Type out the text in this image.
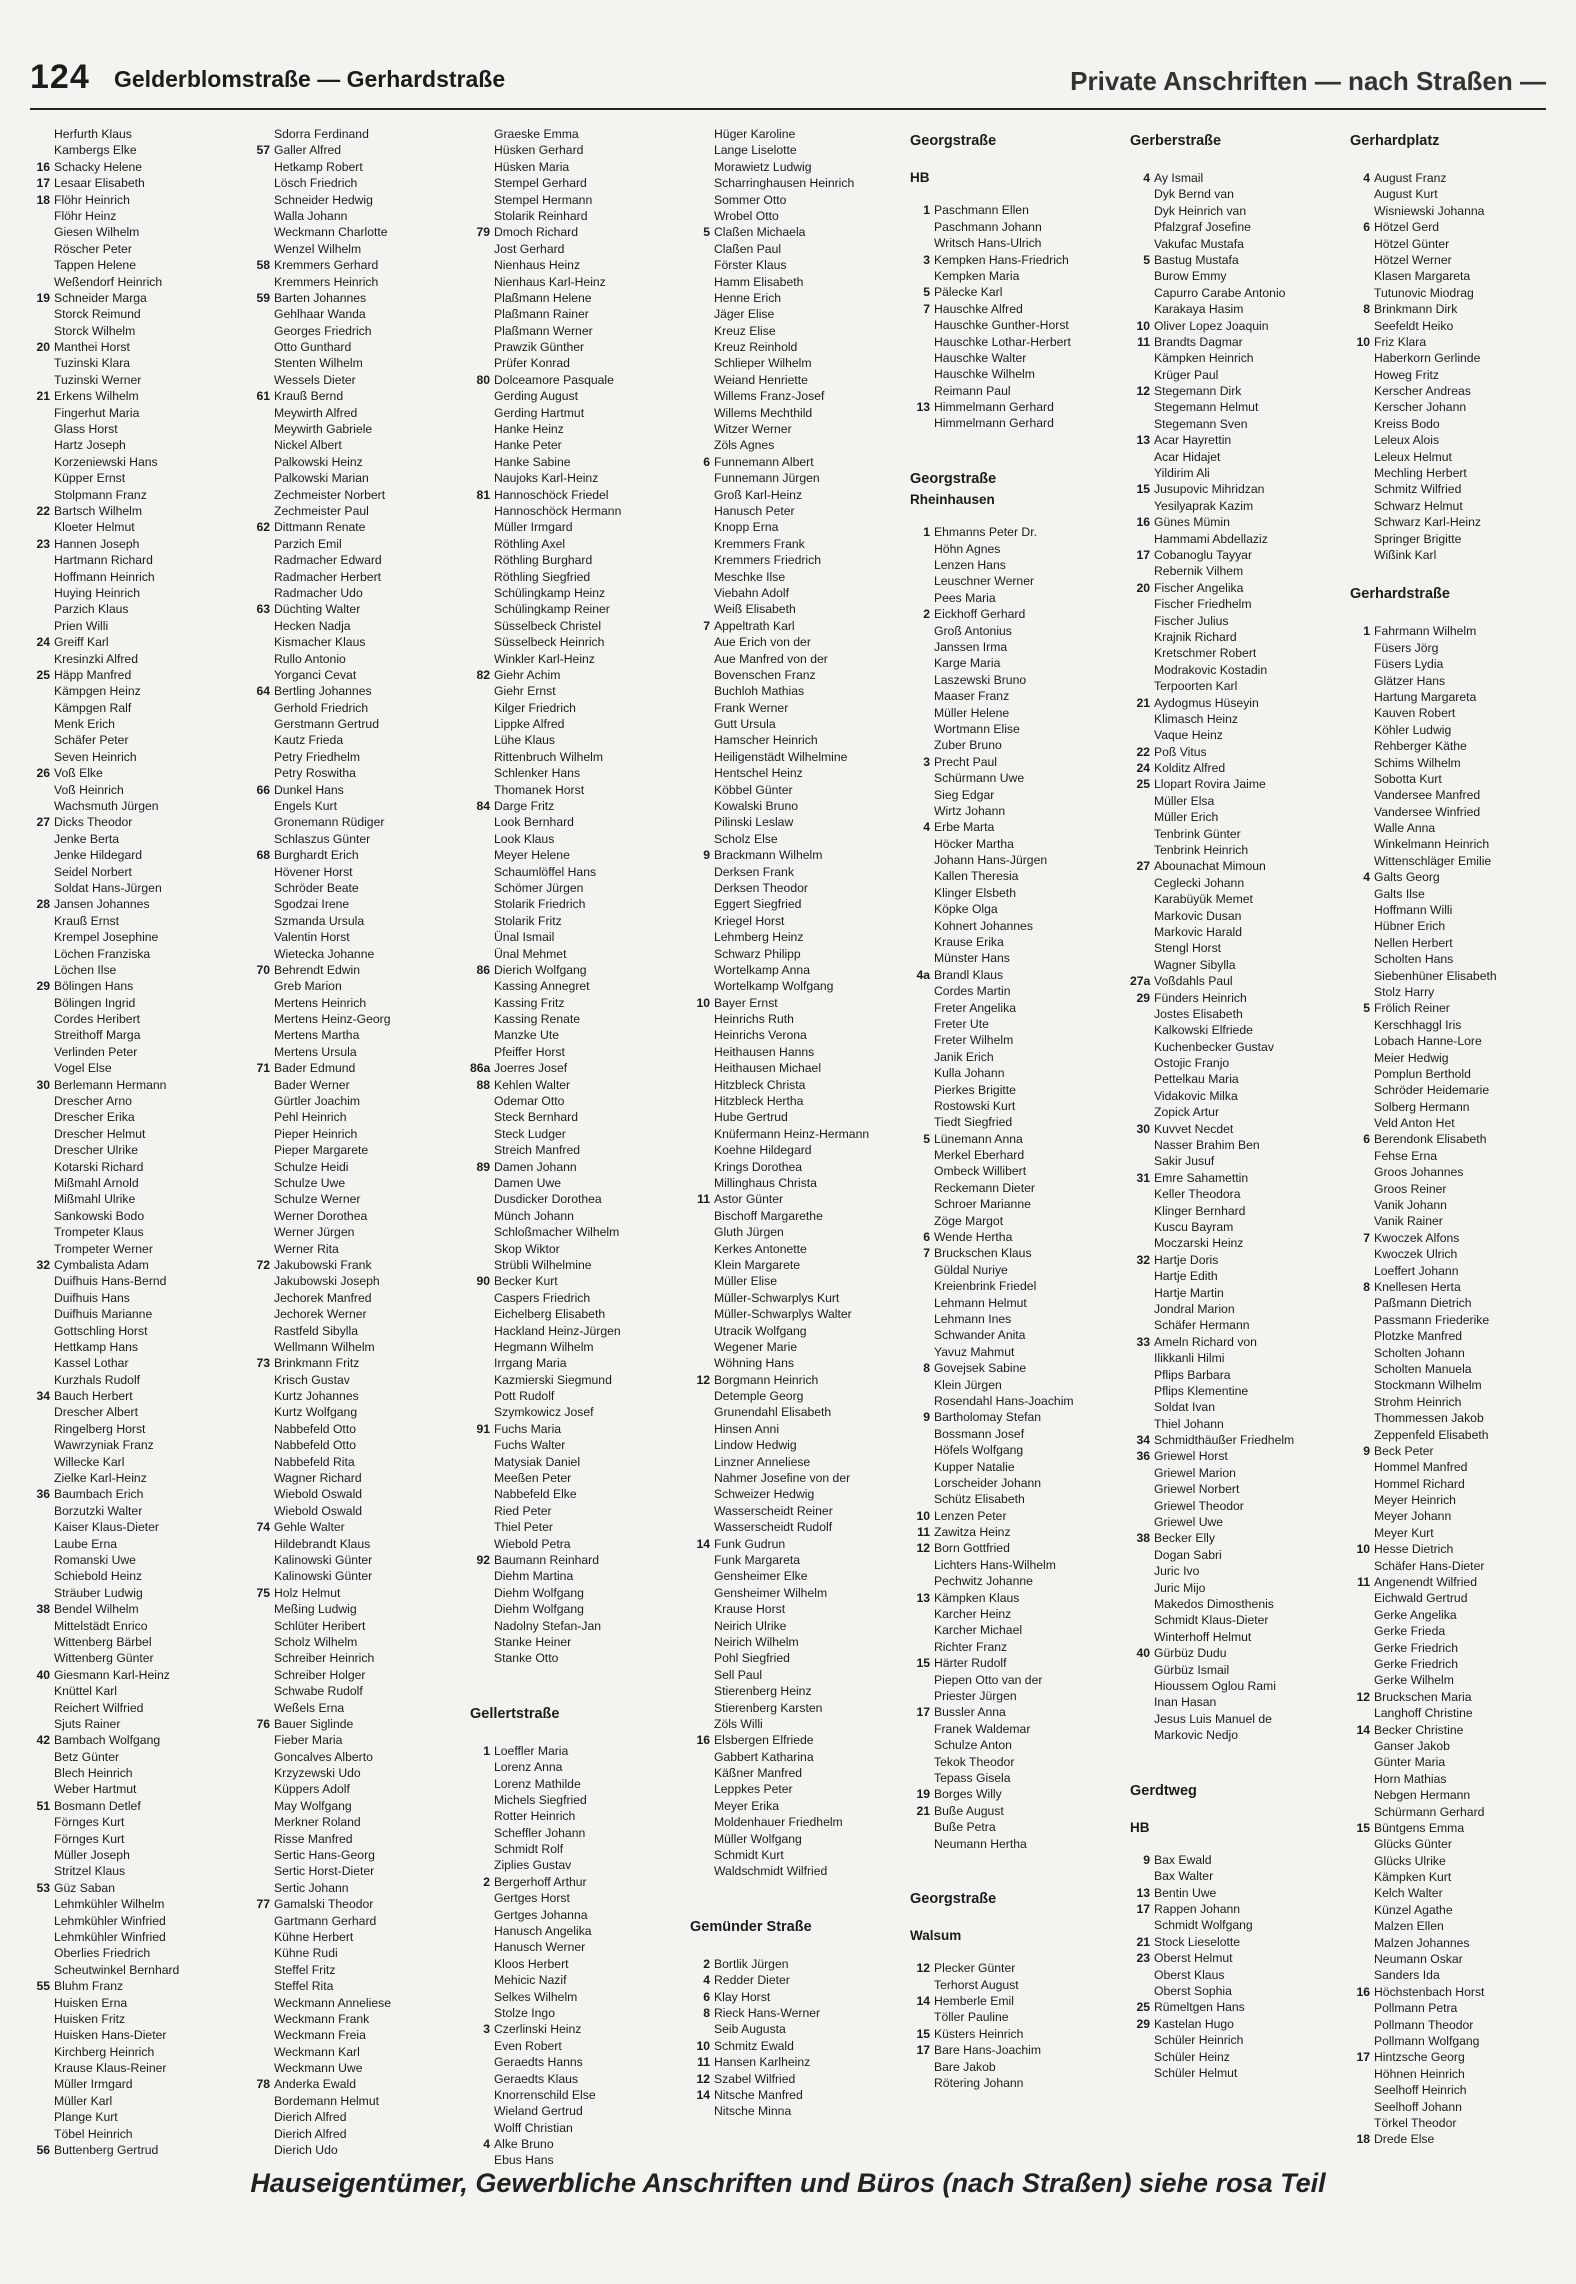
124 Gelderblomstraße — Gerhardstraße	Private Anschriften — nach Straßen —
Herfurth Klaus
Kambergs Elke
16 Schacky Helene
17 Lesaar Elisabeth
18 Flöhr Heinrich
Flöhr Heinz
Giesen Wilhelm
Röscher Peter
Tappen Helene
Weßendorf Heinrich
19 Schneider Marga
Storck Reimund
Storck Wilhelm
20 Manthei Horst
Tuzinski Klara
Tuzinski Werner
21 Erkens Wilhelm
Fingerhut Maria
Glass Horst
Hartz Joseph
Korzeniewski Hans
Küpper Ernst
Stolpmann Franz
22 Bartsch Wilhelm
Kloeter Helmut
23 Hannen Joseph
Hartmann Richard
Hoffmann Heinrich
Huying Heinrich
Parzich Klaus
Prien Willi
24 Greiff Karl
Kresinzki Alfred
25 Häpp Manfred
Kämpgen Heinz
Kämpgen Ralf
Menk Erich
Schäfer Peter
Seven Heinrich
26 Voß Elke
Voß Heinrich
Wachsmuth Jürgen
27 Dicks Theodor
Jenke Berta
Jenke Hildegard
Seidel Norbert
Soldat Hans-Jürgen
28 Jansen Johannes
Krauß Ernst
Krempel Josephine
Löchen Franziska
Löchen Ilse
29 Bölingen Hans
Bölingen Ingrid
Cordes Heribert
Streithoff Marga
Verlinden Peter
Vogel Else
30 Berlemann Hermann
Drescher Arno
Drescher Erika
Drescher Helmut
Drescher Ulrike
Kotarski Richard
Mißmahl Arnold
Mißmahl Ulrike
Sankowski Bodo
Trompeter Klaus
Trompeter Werner
32 Cymbalista Adam
Duifhuis Hans-Bernd
Duifhuis Hans
Duifhuis Marianne
Gottschling Horst
Hettkamp Hans
Kassel Lothar
Kurzhals Rudolf
34 Bauch Herbert
Drescher Albert
Ringelberg Horst
Wawrzyniak Franz
Willecke Karl
Zielke Karl-Heinz
36 Baumbach Erich
Borzutzki Walter
Kaiser Klaus-Dieter
Laube Erna
Romanski Uwe
Schiebold Heinz
Sträuber Ludwig
38 Bendel Wilhelm
Mittelstädt Enrico
Wittenberg Bärbel
Wittenberg Günter
40 Giesmann Karl-Heinz
Knüttel Karl
Reichert Wilfried
Sjuts Rainer
42 Bambach Wolfgang
Betz Günter
Blech Heinrich
Weber Hartmut
51 Bosmann Detlef
Förnges Kurt
Förnges Kurt
Müller Joseph
Stritzel Klaus
53 Güz Saban
Lehmkühler Wilhelm
Lehmkühler Winfried
Lehmkühler Winfried
Oberlies Friedrich
Scheutwinkel Bernhard
55 Bluhm Franz
Huisken Erna
Huisken Fritz
Huisken Hans-Dieter
Kirchberg Heinrich
Krause Klaus-Reiner
Müller Irmgard
Müller Karl
Plange Kurt
Töbel Heinrich
56 Buttenberg Gertrud
Sdorra Ferdinand
57 Galler Alfred
Hetkamp Robert
Lösch Friedrich
Schneider Hedwig
Walla Johann
Weckmann Charlotte
Wenzel Wilhelm
58 Kremmers Gerhard
Kremmers Heinrich
59 Barten Johannes
Gehlhaar Wanda
Georges Friedrich
Otto Gunthard
Stenten Wilhelm
Wessels Dieter
61 Krauß Bernd
Meywirth Alfred
Meywirth Gabriele
Nickel Albert
Palkowski Heinz
Palkowski Marian
Zechmeister Norbert
Zechmeister Paul
62 Dittmann Renate
Parzich Emil
Radmacher Edward
Radmacher Herbert
Radmacher Udo
63 Düchting Walter
Hecken Nadja
Kismacher Klaus
Rullo Antonio
Yorganci Cevat
64 Bertling Johannes
Gerhold Friedrich
Gerstmann Gertrud
Kautz Frieda
Petry Friedhelm
Petry Roswitha
66 Dunkel Hans
Engels Kurt
Gronemann Rüdiger
Schlaszus Günter
68 Burghardt Erich
Hövener Horst
Schröder Beate
Sgodzai Irene
Szmanda Ursula
Valentin Horst
Wietecka Johanne
70 Behrendt Edwin
Greb Marion
Mertens Heinrich
Mertens Heinz-Georg
Mertens Martha
Mertens Ursula
71 Bader Edmund
Bader Werner
Gürtler Joachim
Pehl Heinrich
Pieper Heinrich
Pieper Margarete
Schulze Heidi
Schulze Uwe
Schulze Werner
Werner Dorothea
Werner Jürgen
Werner Rita
72 Jakubowski Frank
Jakubowski Joseph
Jechorek Manfred
Jechorek Werner
Rastfeld Sibylla
Wellmann Wilhelm
73 Brinkmann Fritz
Krisch Gustav
Kurtz Johannes
Kurtz Wolfgang
Nabbefeld Otto
Nabbefeld Otto
Nabbefeld Rita
Wagner Richard
Wiebold Oswald
Wiebold Oswald
74 Gehle Walter
Hildebrandt Klaus
Kalinowski Günter
Kalinowski Günter
75 Holz Helmut
Meßing Ludwig
Schlüter Heribert
Scholz Wilhelm
Schreiber Heinrich
Schreiber Holger
Schwabe Rudolf
Weßels Erna
76 Bauer Siglinde
Fieber Maria
Goncalves Alberto
Krzyzewski Udo
Küppers Adolf
May Wolfgang
Merkner Roland
Risse Manfred
Sertic Hans-Georg
Sertic Horst-Dieter
Sertic Johann
77 Gamalski Theodor
Gartmann Gerhard
Kühne Herbert
Kühne Rudi
Steffel Fritz
Steffel Rita
Weckmann Anneliese
Weckmann Frank
Weckmann Freia
Weckmann Karl
Weckmann Uwe
78 Anderka Ewald
Bordemann Helmut
Dierich Alfred
Dierich Alfred
Dierich Udo
Graeske Emma
Hüsken Gerhard
Hüsken Maria
Stempel Gerhard
Stempel Hermann
Stolarik Reinhard
79 Dmoch Richard
Jost Gerhard
Nienhaus Heinz
Nienhaus Karl-Heinz
Plaßmann Helene
Plaßmann Rainer
Plaßmann Werner
Prawzik Günther
Prüfer Konrad
80 Dolceamore Pasquale
Gerding August
Gerding Hartmut
Hanke Heinz
Hanke Peter
Hanke Sabine
Naujoks Karl-Heinz
81 Hannoschöck Friedel
Hannoschöck Hermann
Müller Irmgard
Röthling Axel
Röthling Burghard
Röthling Siegfried
Schülingkamp Heinz
Schülingkamp Reiner
Süsselbeck Christel
Süsselbeck Heinrich
Winkler Karl-Heinz
82 Giehr Achim
Giehr Ernst
Kilger Friedrich
Lippke Alfred
Lühe Klaus
Rittenbruch Wilhelm
Schlenker Hans
Thomanek Horst
84 Darge Fritz
Look Bernhard
Look Klaus
Meyer Helene
Schaumlöffel Hans
Schömer Jürgen
Stolarik Friedrich
Stolarik Fritz
Ünal Ismail
Ünal Mehmet
86 Dierich Wolfgang
Kassing Annegret
Kassing Fritz
Kassing Renate
Manzke Ute
Pfeiffer Horst
86a Joerres Josef
88 Kehlen Walter
Odemar Otto
Steck Bernhard
Steck Ludger
Streich Manfred
89 Damen Johann
Damen Uwe
Dusdicker Dorothea
Münch Johann
Schloßmacher Wilhelm
Skop Wiktor
Strübli Wilhelmine
90 Becker Kurt
Caspers Friedrich
Eichelberg Elisabeth
Hackland Heinz-Jürgen
Hegmann Wilhelm
Irrgang Maria
Kazmierski Siegmund
Pott Rudolf
Szymkowicz Josef
91 Fuchs Maria
Fuchs Walter
Matysiak Daniel
Meeßen Peter
Nabbefeld Elke
Ried Peter
Thiel Peter
Wiebold Petra
92 Baumann Reinhard
Diehm Martina
Diehm Wolfgang
Diehm Wolfgang
Nadolny Stefan-Jan
Stanke Heiner
Stanke Otto
Gellertstraße
1 Loeffler Maria
Lorenz Anna
Lorenz Mathilde
Michels Siegfried
Rotter Heinrich
Scheffler Johann
Schmidt Rolf
Ziplies Gustav
2 Bergerhoff Arthur
Gertges Horst
Gertges Johanna
Hanusch Angelika
Hanusch Werner
Kloos Herbert
Mehicic Nazif
Selkes Wilhelm
Stolze Ingo
3 Czerlinski Heinz
Even Robert
Geraedts Hanns
Geraedts Klaus
Knorrenschild Else
Wieland Gertrud
Wolff Christian
4 Alke Bruno
Ebus Hans
Hüger Karoline
Lange Liselotte
Morawietz Ludwig
Scharringhausen Heinrich
Sommer Otto
Wrobel Otto
5 Claßen Michaela
Claßen Paul
Förster Klaus
Hamm Elisabeth
Henne Erich
Jäger Elise
Kreuz Elise
Kreuz Reinhold
Schlieper Wilhelm
Weiand Henriette
Willems Franz-Josef
Willems Mechthild
Witzer Werner
Zöls Agnes
6 Funnemann Albert
Funnemann Jürgen
Groß Karl-Heinz
Hanusch Peter
Knopp Erna
Kremmers Frank
Kremmers Friedrich
Meschke Ilse
Viebahn Adolf
Weiß Elisabeth
7 Appeltrath Karl
Aue Erich von der
Aue Manfred von der
Bovenschen Franz
Buchloh Mathias
Frank Werner
Gutt Ursula
Hamscher Heinrich
Heiligenstädt Wilhelmine
Hentschel Heinz
Köbbel Günter
Kowalski Bruno
Pilinski Leslaw
Scholz Else
9 Brackmann Wilhelm
Derksen Frank
Derksen Theodor
Eggert Siegfried
Kriegel Horst
Lehmberg Heinz
Schwarz Philipp
Wortelkamp Anna
Wortelkamp Wolfgang
10 Bayer Ernst
Heinrichs Ruth
Heinrichs Verona
Heithausen Hanns
Heithausen Michael
Hitzbleck Christa
Hitzbleck Hertha
Hube Gertrud
Knüfermann Heinz-Hermann
Koehne Hildegard
Krings Dorothea
Millinghaus Christa
11 Astor Günter
Bischoff Margarethe
Gluth Jürgen
Kerkes Antonette
Klein Margarete
Müller Elise
Müller-Schwarplys Kurt
Müller-Schwarplys Walter
Utracik Wolfgang
Wegener Marie
Wöhning Hans
12 Borgmann Heinrich
Detemple Georg
Grunendahl Elisabeth
Hinsen Anni
Lindow Hedwig
Linzner Anneliese
Nahmer Josefine von der
Schweizer Hedwig
Wasserscheidt Reiner
Wasserscheidt Rudolf
14 Funk Gudrun
Funk Margareta
Gensheimer Elke
Gensheimer Wilhelm
Krause Horst
Neirich Ulrike
Neirich Wilhelm
Pohl Siegfried
Sell Paul
Stierenberg Heinz
Stierenberg Karsten
Zöls Willi
16 Elsbergen Elfriede
Gabbert Katharina
Käßner Manfred
Leppkes Peter
Meyer Erika
Moldenhauer Friedhelm
Müller Wolfgang
Schmidt Kurt
Waldschmidt Wilfried
Gemünder Straße
2 Bortlik Jürgen
4 Redder Dieter
6 Klay Horst
8 Rieck Hans-Werner
Seib Augusta
10 Schmitz Ewald
11 Hansen Karlheinz
12 Szabel Wilfried
14 Nitsche Manfred
Nitsche Minna
Georgstraße
HB
1 Paschmann Ellen
Paschmann Johann
Writsch Hans-Ulrich
3 Kempken Hans-Friedrich
Kempken Maria
5 Pälecke Karl
7 Hauschke Alfred
Hauschke Gunther-Horst
Hauschke Lothar-Herbert
Hauschke Walter
Hauschke Wilhelm
Reimann Paul
13 Himmelmann Gerhard
Himmelmann Gerhard
Georgstraße
Rheinhausen
1 Ehmanns Peter Dr.
Höhn Agnes
Lenzen Hans
Leuschner Werner
Pees Maria
2 Eickhoff Gerhard
Groß Antonius
Janssen Irma
Karge Maria
Laszewski Bruno
Maaser Franz
Müller Helene
Wortmann Elise
Zuber Bruno
3 Precht Paul
Schürmann Uwe
Sieg Edgar
Wirtz Johann
4 Erbe Marta
Höcker Martha
Johann Hans-Jürgen
Kallen Theresia
Klinger Elsbeth
Köpke Olga
Kohnert Johannes
Krause Erika
Münster Hans
4a Brandl Klaus
Cordes Martin
Freter Angelika
Freter Ute
Freter Wilhelm
Janik Erich
Kulla Johann
Pierkes Brigitte
Rostowski Kurt
Tiedt Siegfried
5 Lünemann Anna
Merkel Eberhard
Ombeck Willibert
Reckemann Dieter
Schroer Marianne
Zöge Margot
6 Wende Hertha
7 Bruckschen Klaus
Güldal Nuriye
Kreienbrink Friedel
Lehmann Helmut
Lehmann Ines
Schwander Anita
Yavuz Mahmut
8 Govejsek Sabine
Klein Jürgen
Rosendahl Hans-Joachim
9 Bartholomay Stefan
Bossmann Josef
Höfels Wolfgang
Kupper Natalie
Lorscheider Johann
Schütz Elisabeth
10 Lenzen Peter
11 Zawitza Heinz
12 Born Gottfried
Lichters Hans-Wilhelm
Pechwitz Johanne
13 Kämpken Klaus
Karcher Heinz
Karcher Michael
Richter Franz
15 Härter Rudolf
Piepen Otto van der
Priester Jürgen
17 Bussler Anna
Franek Waldemar
Schulze Anton
Tekok Theodor
Tepass Gisela
19 Borges Willy
21 Buße August
Buße Petra
Neumann Hertha
Georgstraße
Walsum
12 Plecker Günter
Terhorst August
14 Hemberle Emil
Töller Pauline
15 Küsters Heinrich
17 Bare Hans-Joachim
Bare Jakob
Rötering Johann
Gerberstraße
4 Ay Ismail
Dyk Bernd van
Dyk Heinrich van
Pfalzgraf Josefine
Vakufac Mustafa
5 Bastug Mustafa
Burow Emmy
Capurro Carabe Antonio
Karakaya Hasim
10 Oliver Lopez Joaquin
11 Brandts Dagmar
Kämpken Heinrich
Krüger Paul
12 Stegemann Dirk
Stegemann Helmut
Stegemann Sven
13 Acar Hayrettin
Acar Hidajet
Yildirim Ali
15 Jusupovic Mihridzan
Yesilyaprak Kazim
16 Günes Mümin
Hammami Abdellaziz
17 Cobanoglu Tayyar
Rebernik Vilhem
20 Fischer Angelika
Fischer Friedhelm
Fischer Julius
Krajnik Richard
Kretschmer Robert
Modrakovic Kostadin
Terpoorten Karl
21 Aydogmus Hüseyin
Klimasch Heinz
Vaque Heinz
22 Poß Vitus
24 Kolditz Alfred
25 Llopart Rovira Jaime
Müller Elsa
Müller Erich
Tenbrink Günter
Tenbrink Heinrich
27 Abounachat Mimoun
Ceglecki Johann
Karabüyük Memet
Markovic Dusan
Markovic Harald
Stengl Horst
Wagner Sibylla
27a Voßdahls Paul
29 Fünders Heinrich
Jostes Elisabeth
Kalkowski Elfriede
Kuchenbecker Gustav
Ostojic Franjo
Pettelkau Maria
Vidakovic Milka
Zopick Artur
30 Kuvvet Necdet
Nasser Brahim Ben
Sakir Jusuf
31 Emre Sahamettin
Keller Theodora
Klinger Bernhard
Kuscu Bayram
Moczarski Heinz
32 Hartje Doris
Hartje Edith
Hartje Martin
Jondral Marion
Schäfer Hermann
33 Ameln Richard von
Ilikkanli Hilmi
Pflips Barbara
Pflips Klementine
Soldat Ivan
Thiel Johann
34 Schmidthäußer Friedhelm
36 Griewel Horst
Griewel Marion
Griewel Norbert
Griewel Theodor
Griewel Uwe
38 Becker Elly
Dogan Sabri
Juric Ivo
Juric Mijo
Makedos Dimosthenis
Schmidt Klaus-Dieter
Winterhoff Helmut
40 Gürbüz Dudu
Gürbüz Ismail
Hioussem Oglou Rami
Inan Hasan
Jesus Luis Manuel de
Markovic Nedjo
Gerdtweg
HB
9 Bax Ewald
Bax Walter
13 Bentin Uwe
17 Rappen Johann
Schmidt Wolfgang
21 Stock Lieselotte
23 Oberst Helmut
Oberst Klaus
Oberst Sophia
25 Rümeltgen Hans
29 Kastelan Hugo
Schüler Heinrich
Schüler Heinz
Schüler Helmut
Gerhardplatz
4 August Franz
August Kurt
Wisniewski Johanna
6 Hötzel Gerd
Hötzel Günter
Hötzel Werner
Klasen Margareta
Tutunovic Miodrag
8 Brinkmann Dirk
Seefeldt Heiko
10 Friz Klara
Haberkorn Gerlinde
Howeg Fritz
Kerscher Andreas
Kerscher Johann
Kreiss Bodo
Leleux Alois
Leleux Helmut
Mechling Herbert
Schmitz Wilfried
Schwarz Helmut
Schwarz Karl-Heinz
Springer Brigitte
Wißink Karl
Gerhardstraße
1 Fahrmann Wilhelm
Füsers Jörg
Füsers Lydia
Glätzer Hans
Hartung Margareta
Kauven Robert
Köhler Ludwig
Rehberger Käthe
Schims Wilhelm
Sobotta Kurt
Vandersee Manfred
Vandersee Winfried
Walle Anna
Winkelmann Heinrich
Wittenschläger Emilie
4 Galts Georg
Galts Ilse
Hoffmann Willi
Hübner Erich
Nellen Herbert
Scholten Hans
Siebenhüner Elisabeth
Stolz Harry
5 Frölich Reiner
Kerschhaggl Iris
Lobach Hanne-Lore
Meier Hedwig
Pomplun Berthold
Schröder Heidemarie
Solberg Hermann
Veld Anton Het
6 Berendonk Elisabeth
Fehse Erna
Groos Johannes
Groos Reiner
Vanik Johann
Vanik Rainer
7 Kwoczek Alfons
Kwoczek Ulrich
Loeffert Johann
8 Knellesen Herta
Paßmann Dietrich
Passmann Friederike
Plotzke Manfred
Scholten Johann
Scholten Manuela
Stockmann Wilhelm
Strohm Heinrich
Thommessen Jakob
Zeppenfeld Elisabeth
9 Beck Peter
Hommel Manfred
Hommel Richard
Meyer Heinrich
Meyer Johann
Meyer Kurt
10 Hesse Dietrich
Schäfer Hans-Dieter
11 Angenendt Wilfried
Eichwald Gertrud
Gerke Angelika
Gerke Frieda
Gerke Friedrich
Gerke Friedrich
Gerke Wilhelm
12 Bruckschen Maria
Langhoff Christine
14 Becker Christine
Ganser Jakob
Günter Maria
Horn Mathias
Nebgen Hermann
Schürmann Gerhard
15 Büntgens Emma
Glücks Günter
Glücks Ulrike
Kämpken Kurt
Kelch Walter
Künzel Agathe
Malzen Ellen
Malzen Johannes
Neumann Oskar
Sanders Ida
16 Höchstenbach Horst
Pollmann Petra
Pollmann Theodor
Pollmann Wolfgang
17 Hintzsche Georg
Höhnen Heinrich
Seelhoff Heinrich
Seelhoff Johann
Törkel Theodor
18 Drede Else
Hauseigentümer, Gewerbliche Anschriften und Büros (nach Straßen) siehe rosa Teil
